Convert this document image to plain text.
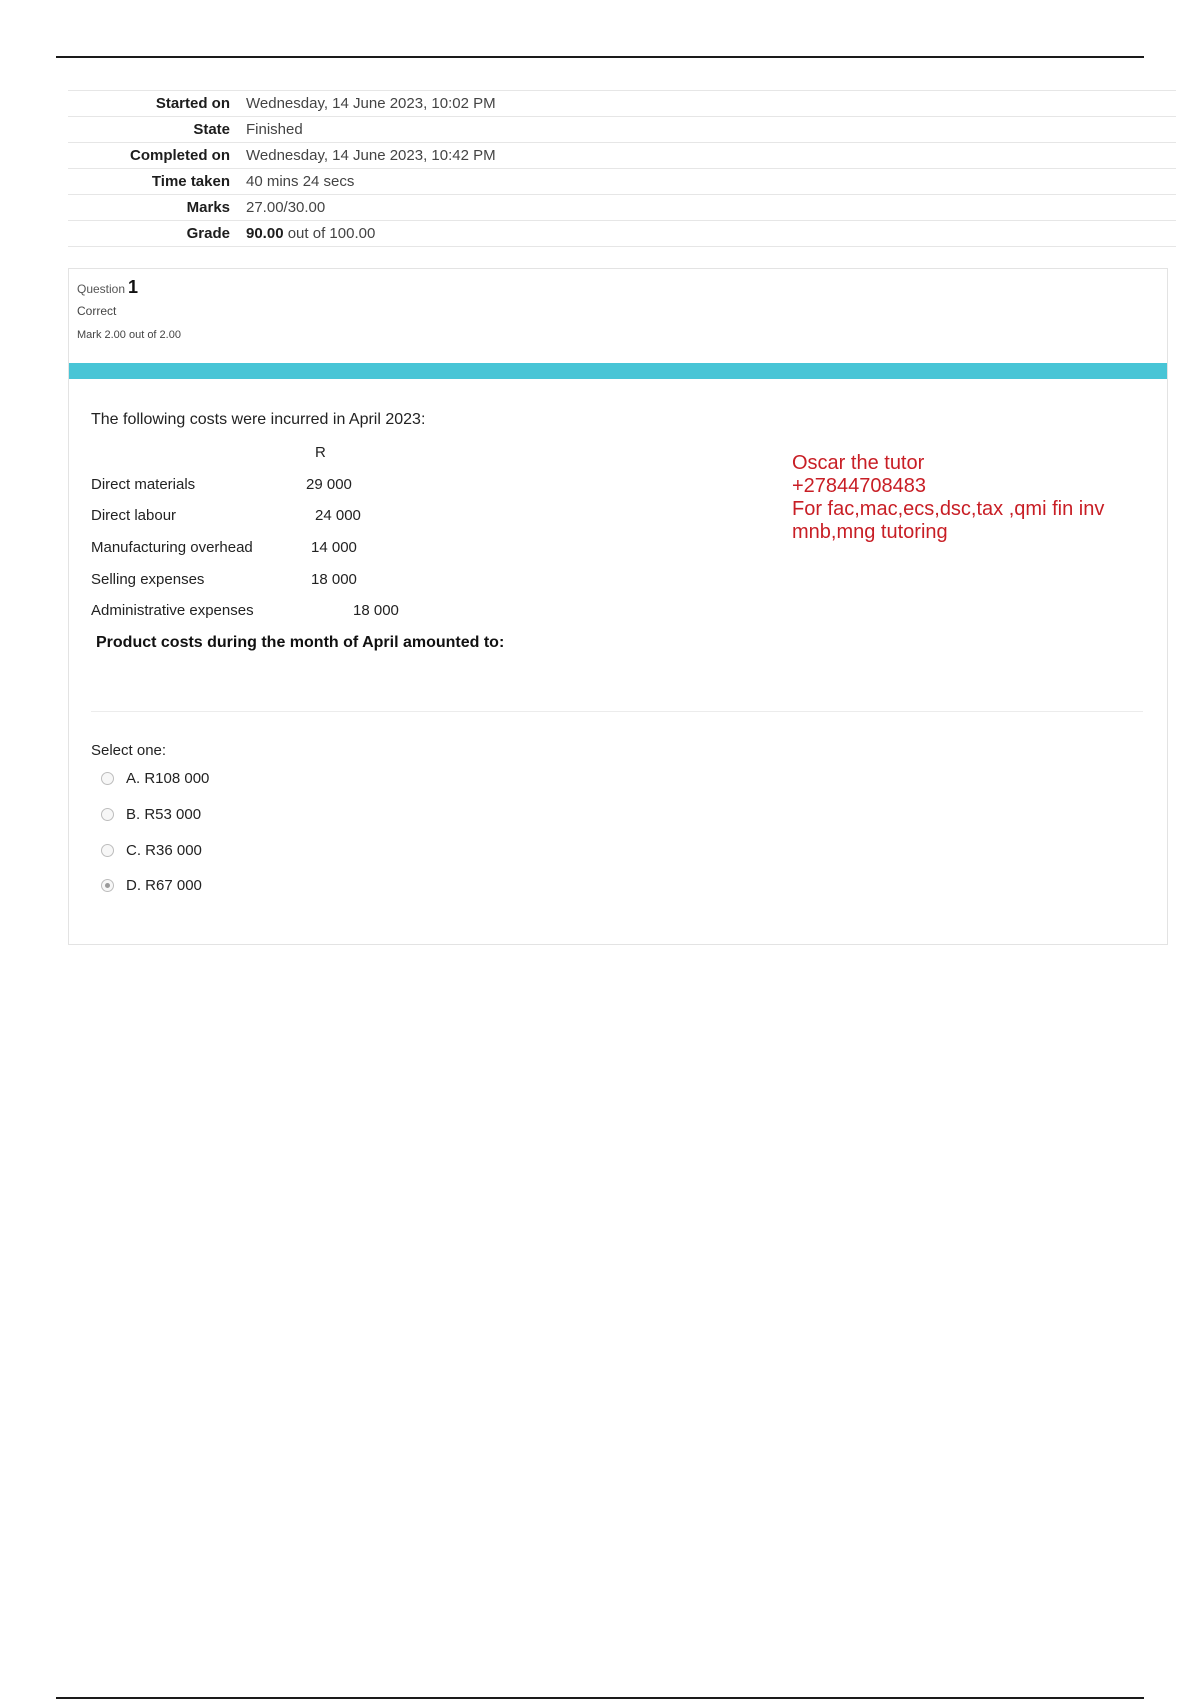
Started on	Wednesday, 14 June 2023, 10:02 PM
State	Finished
Completed on	Wednesday, 14 June 2023, 10:42 PM
Time taken	40 mins 24 secs
Marks	27.00/30.00
Grade	90.00 out of 100.00
Question 1
Correct
Mark 2.00 out of 2.00
The following costs were incurred in April 2023:
R
Direct materials	29 000
Direct labour	24 000
Manufacturing overhead	14 000
Selling expenses	18 000
Administrative expenses	18 000
Product costs during the month of April amounted to:
Select one:
A. R108 000
B. R53 000
C. R36 000
D. R67 000
Oscar the tutor
+27844708483
For fac,mac,ecs,dsc,tax ,qmi fin inv
mnb,mng tutoring
